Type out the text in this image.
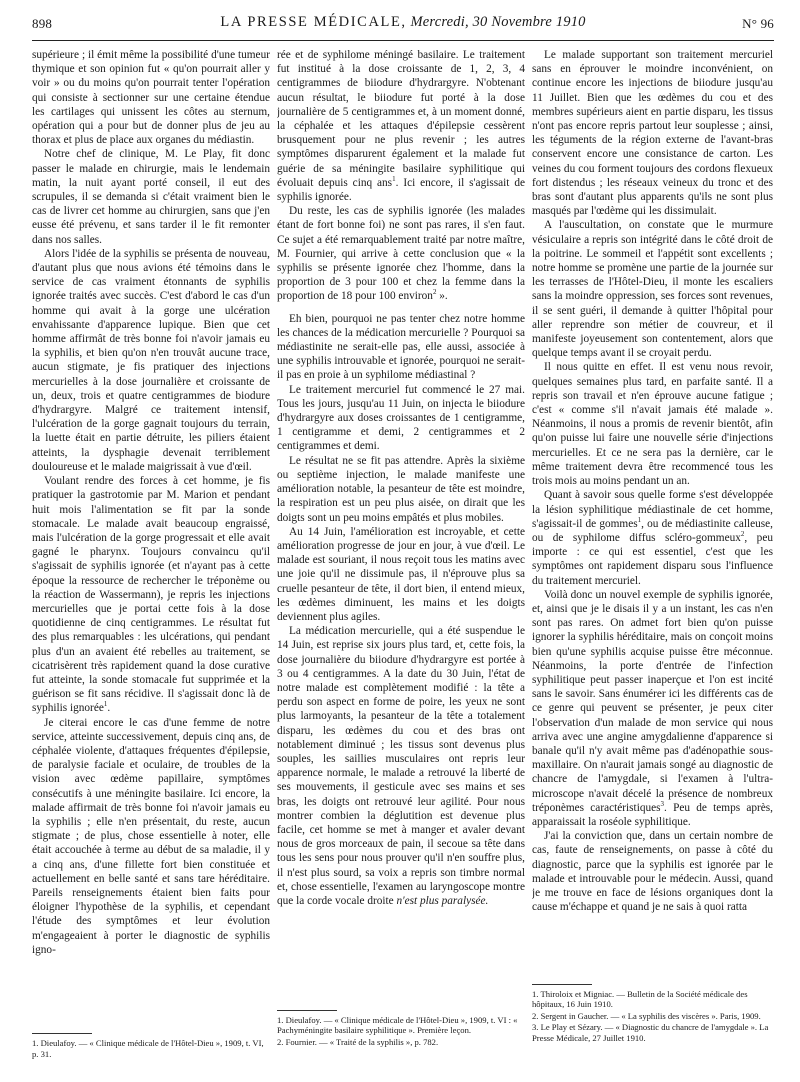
898	LA PRESSE MÉDICALE, Mercredi, 30 Novembre 1910	N° 96

supérieure ; il émit même la possibilité d'une tumeur thymique et son opinion fut « qu'on pourrait aller y voir » ou du moins qu'on pourrait tenter l'opération qui consiste à sectionner sur une certaine étendue les cartilages qui unissent les côtes au sternum, opération qui a pour but de donner plus de jeu au thorax et plus de place aux organes du médiastin.

Notre chef de clinique, M. Le Play, fit donc passer le malade en chirurgie, mais le lendemain matin, la nuit ayant porté conseil, il eut des scrupules, il se demanda si c'était vraiment bien le cas de livrer cet homme au chirurgien, sans que j'en eusse été prévenu, et sans tarder il le fit remonter dans nos salles.

Alors l'idée de la syphilis se présenta de nouveau, d'autant plus que nous avions été témoins dans le service de cas vraiment étonnants de syphilis ignorée traités avec succès. C'est d'abord le cas d'un homme qui avait à la gorge une ulcération envahissante d'apparence lupique. Bien que cet homme affirmât de très bonne foi n'avoir jamais eu la syphilis, et bien qu'on n'en trouvât aucune trace, aucun stigmate, je fis pratiquer des injections mercurielles à la dose journalière et croissante de un, deux, trois et quatre centigrammes de biodure d'hydrargyre. Malgré ce traitement intensif, l'ulcération de la gorge gagnait toujours du terrain, la luette était en partie détruite, les piliers étaient atteints, la dysphagie devenait terriblement douloureuse et le malade maigrissait à vue d'œil.

Voulant rendre des forces à cet homme, je fis pratiquer la gastrotomie par M. Marion et pendant huit mois l'alimentation se fit par la sonde stomacale. Le malade avait beaucoup engraissé, mais l'ulcération de la gorge progressait et elle avait gagné le pharynx. Toujours convaincu qu'il s'agissait de syphilis ignorée (et n'ayant pas à cette époque la ressource de rechercher le tréponème ou la réaction de Wassermann), je repris les injections mercurielles que je portai cette fois à la dose quotidienne de cinq centigrammes. Le résultat fut des plus remarquables : les ulcérations, qui pendant plus d'un an avaient été rebelles au traitement, se cicatrisèrent très rapidement quand la dose curative fut atteinte, la sonde stomacale fut supprimée et la guérison se fit sans récidive. Il s'agissait donc là de syphilis ignorée$^1$.

Je citerai encore le cas d'une femme de notre service, atteinte successivement, depuis cinq ans, de céphalée violente, d'attaques fréquentes d'épilepsie, de paralysie faciale et oculaire, de troubles de la vision avec œdème papillaire, symptômes consécutifs à une méningite basilaire. Ici encore, la malade affirmait de très bonne foi n'avoir jamais eu la syphilis ; elle n'en présentait, du reste, aucun stigmate ; de plus, chose essentielle à noter, elle était accouchée à terme au début de sa maladie, il y a cinq ans, d'une fillette fort bien constituée et actuellement en belle santé et sans tare héréditaire. Pareils renseignements étaient bien faits pour éloigner l'hypothèse de la syphilis, et cependant l'étude des symptômes et leur évolution m'engageaient à porter le diagnostic de syphilis igno-

1. Dieulafoy. — « Clinique médicale de l'Hôtel-Dieu », 1909, t. VI, p. 31.

rée et de syphilome méningé basilaire. Le traitement fut institué à la dose croissante de 1, 2, 3, 4 centigrammes de biiodure d'hydrargyre. N'obtenant aucun résultat, le biiodure fut porté à la dose journalière de 5 centigrammes et, à un moment donné, la céphalée et les attaques d'épilepsie cessèrent brusquement pour ne plus revenir ; les autres symptômes disparurent également et la malade fut guérie de sa méningite basilaire syphilitique qui évoluait depuis cinq ans$^1$. Ici encore, il s'agissait de syphilis ignorée.

Du reste, les cas de syphilis ignorée (les malades étant de fort bonne foi) ne sont pas rares, il s'en faut. Ce sujet a été remarquablement traité par notre maître, M. Fournier, qui arrive à cette conclusion que « la syphilis se présente ignorée chez l'homme, dans la proportion de 3 pour 100 et chez la femme dans la proportion de 18 pour 100 environ$^2$ ».

Eh bien, pourquoi ne pas tenter chez notre homme les chances de la médication mercurielle ? Pourquoi sa médiastinite ne serait-elle pas, elle aussi, associée à une syphilis introuvable et ignorée, pourquoi ne serait-il pas en proie à un syphilome médiastinal ?

Le traitement mercuriel fut commencé le 27 mai. Tous les jours, jusqu'au 11 Juin, on injecta le biiodure d'hydrargyre aux doses croissantes de 1 centigramme, 1 centigramme et demi, 2 centigrammes et 2 centigrammes et demi.

Le résultat ne se fit pas attendre. Après la sixième ou septième injection, le malade manifeste une amélioration notable, la pesanteur de tête est moindre, la respiration est un peu plus aisée, on dirait que les doigts sont un peu moins empâtés et plus mobiles.

Au 14 Juin, l'amélioration est incroyable, et cette amélioration progresse de jour en jour, à vue d'œil. Le malade est souriant, il nous reçoit tous les matins avec une joie qu'il ne dissimule pas, il n'éprouve plus sa cruelle pesanteur de tête, il dort bien, il entend mieux, les œdèmes diminuent, les mains et les doigts deviennent plus agiles.

La médication mercurielle, qui a été suspendue le 14 Juin, est reprise six jours plus tard, et, cette fois, la dose journalière du biiodure d'hydrargyre est portée à 3 ou 4 centigrammes. A la date du 30 Juin, l'état de notre malade est complètement modifié : la tête a perdu son aspect en forme de poire, les yeux ne sont plus larmoyants, la pesanteur de la tête a totalement disparu, les œdèmes du cou et des bras ont notablement diminué ; les tissus sont devenus plus souples, les saillies musculaires ont repris leur apparence normale, le malade a retrouvé la liberté de ses mouvements, il gesticule avec ses mains et ses bras, les doigts ont retrouvé leur agilité. Pour nous montrer combien la déglutition est devenue plus facile, cet homme se met à manger et avaler devant nous de gros morceaux de pain, il secoue sa tête dans tous les sens pour nous prouver qu'il n'en souffre plus, il n'est plus sourd, sa voix a repris son timbre normal et, chose essentielle, l'examen au laryngoscope montre que la corde vocale droite n'est plus paralysée.

1. Dieulafoy. — « Clinique médicale de l'Hôtel-Dieu », 1909, t. VI : « Pachyméningite basilaire syphilitique ». Première leçon.
2. Fournier. — « Traité de la syphilis », p. 782.

Le malade supportant son traitement mercuriel sans en éprouver le moindre inconvénient, on continue encore les injections de biiodure jusqu'au 11 Juillet. Bien que les œdèmes du cou et des membres supérieurs aient en partie disparu, les tissus n'ont pas encore repris partout leur souplesse ; ainsi, les téguments de la région externe de l'avant-bras conservent encore une consistance de carton. Les veines du cou forment toujours des cordons flexueux fort distendus ; les réseaux veineux du tronc et des bras sont d'autant plus apparents qu'ils ne sont plus masqués par l'œdème qui les dissimulait.

A l'auscultation, on constate que le murmure vésiculaire a repris son intégrité dans le côté droit de la poitrine. Le sommeil et l'appétit sont excellents ; notre homme se promène une partie de la journée sur les terrasses de l'Hôtel-Dieu, il monte les escaliers sans la moindre oppression, ses forces sont revenues, il se sent guéri, il demande à quitter l'hôpital pour aller reprendre son métier de couvreur, et il manifeste joyeusement son contentement, alors que quelque temps avant il se croyait perdu.

Il nous quitte en effet. Il est venu nous revoir, quelques semaines plus tard, en parfaite santé. Il a repris son travail et n'en éprouve aucune fatigue ; c'est « comme s'il n'avait jamais été malade ». Néanmoins, il nous a promis de revenir bientôt, afin qu'on puisse lui faire une nouvelle série d'injections mercurielles. Et ce ne sera pas la dernière, car le même traitement devra être recommencé tous les trois mois au moins pendant un an.

Quant à savoir sous quelle forme s'est développée la lésion syphilitique médiastinale de cet homme, s'agissait-il de gommes$^1$, ou de médiastinite calleuse, ou de syphilome diffus scléro-gommeux$^2$, peu importe : ce qui est essentiel, c'est que les symptômes ont rapidement disparu sous l'influence du traitement mercuriel.

Voilà donc un nouvel exemple de syphilis ignorée, et, ainsi que je le disais il y a un instant, les cas n'en sont pas rares. On admet fort bien qu'on puisse ignorer la syphilis héréditaire, mais on conçoit moins bien qu'une syphilis acquise puisse être méconnue. Néanmoins, la porte d'entrée de l'infection syphilitique peut passer inaperçue et l'on est incité sans le savoir. Sans énumérer ici les différents cas de ce genre qui peuvent se présenter, je peux citer l'observation d'un malade de mon service qui nous arriva avec une angine amygdalienne d'apparence si banale qu'il n'y avait même pas d'adénopathie sous-maxillaire. On n'aurait jamais songé au diagnostic de chancre de l'amygdale, si l'examen à l'ultra-microscope n'avait décelé la présence de nombreux tréponèmes caractéristiques$^3$. Peu de temps après, apparaissait la roséole syphilitique.

J'ai la conviction que, dans un certain nombre de cas, faute de renseignements, on passe à côté du diagnostic, parce que la syphilis est ignorée par le malade et introuvable pour le médecin. Aussi, quand je me trouve en face de lésions organiques dont la cause m'échappe et quand je ne sais à quoi ratta

1. Thiroloix et Migniac. — Bulletin de la Société médicale des hôpitaux, 16 Juin 1910.
2. Sergent in Gaucher. — « La syphilis des viscères ». Paris, 1909.
3. Le Play et Sézary. — « Diagnostic du chancre de l'amygdale ». La Presse Médicale, 27 Juillet 1910.
